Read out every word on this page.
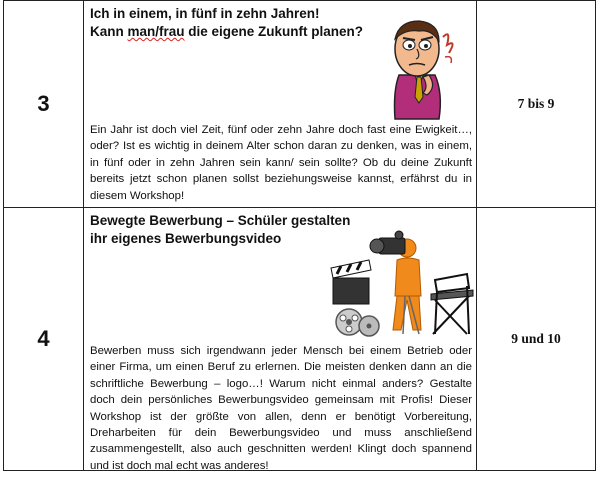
3	Ich in einem, in fünf in zehn Jahren!
Kann man/frau die eigene Zukunft planen?
Ein Jahr ist doch viel Zeit, fünf oder zehn Jahre doch fast eine Ewigkeit…, oder? Ist es wichtig in deinem Alter schon daran zu denken, was in einem, in fünf oder in zehn Jahren sein kann/ sein sollte? Ob du deine Zukunft bereits jetzt schon planen sollst beziehungsweise kannst, erfährst du in diesem Workshop!	7 bis 9
4	Bewegte Bewerbung – Schüler gestalten
ihr eigenes Bewerbungsvideo
Bewerben muss sich irgendwann jeder Mensch bei einem Betrieb oder einer Firma, um einen Beruf zu erlernen. Die meisten denken dann an die schriftliche Bewerbung – logo…! Warum nicht einmal anders? Gestalte doch dein persönliches Bewerbungsvideo gemeinsam mit Profis! Dieser Workshop ist der größte von allen, denn er benötigt Vorbereitung, Dreharbeiten für dein Bewerbungsvideo und muss anschließend zusammengestellt, also auch geschnitten werden! Klingt doch spannend und ist doch mal echt was anderes!	9 und 10
